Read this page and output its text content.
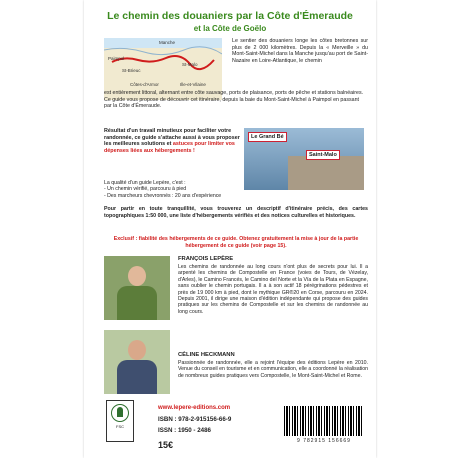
Le chemin des douaniers par la Côte d'Émeraude
et la Côte de Goëlo
Manche
St-Malo
St-Brieuc
Paimpol
Côtes-d'Armor	Ille-et-Vilaine
Le sentier des douaniers longe les côtes bretonnes sur plus de 2 000 kilomètres. Depuis la « Merveille » du Mont-Saint-Michel dans la Manche jusqu'au port de Saint-Nazaire en Loire-Atlantique, le chemin
est entièrement littoral, alternant entre côte sauvage, ports de plaisance, ports de pêche et stations balnéaires. Ce guide vous propose de découvrir cet itinéraire, depuis la baie du Mont-Saint-Michel à Paimpol en passant par la Côte d'Émeraude.
Résultat d'un travail minutieux pour faciliter votre randonnée, ce guide s'attache aussi à vous proposer les meilleures solutions et astuces pour limiter vos dépenses liées aux hébergements !
Le Grand Bé
Saint-Malo
La qualité d'un guide Lepère, c'est :
- Un chemin vérifié, parcouru à pied
- Des marcheurs chevronnés : 20 ans d'expérience
Pour partir en toute tranquillité, vous trouverez un descriptif d'itinéraire précis, des cartes topographiques 1:50 000, une liste d'hébergements vérifiés et des notices culturelles et historiques.
Exclusif : fiabilité des hébergements de ce guide. Obtenez gratuitement la mise à jour de la partie hébergement de ce guide (voir page 15).
FRANÇOIS LEPÈRE
Les chemins de randonnée au long cours n'ont plus de secrets pour lui. Il a arpenté les chemins de Compostelle en France (voies de Tours, de Vézelay, d'Arles), le Camino Francés, le Camino del Norte et la Vía de la Plata en Espagne, sans oublier le chemin portugais. Il a à son actif 18 pérégrinations pédestres et près de 19 000 km à pied, dont le mythique GR®20 en Corse, parcouru en 2024. Depuis 2001, il dirige une maison d'édition indépendante qui propose des guides pratiques sur les chemins de Compostelle et sur les chemins de randonnée au long cours.
CÉLINE HECKMANN
Passionnée de randonnée, elle a rejoint l'équipe des éditions Lepère en 2010. Venue du conseil en tourisme et en communication, elle a coordonné la réalisation de nombreux guides pratiques vers Compostelle, le Mont-Saint-Michel et Rome.
FSC
www.lepere-editions.com
ISBN : 978-2-915156-66-9
ISSN : 1950 - 2486
15€	9 782915 156669
